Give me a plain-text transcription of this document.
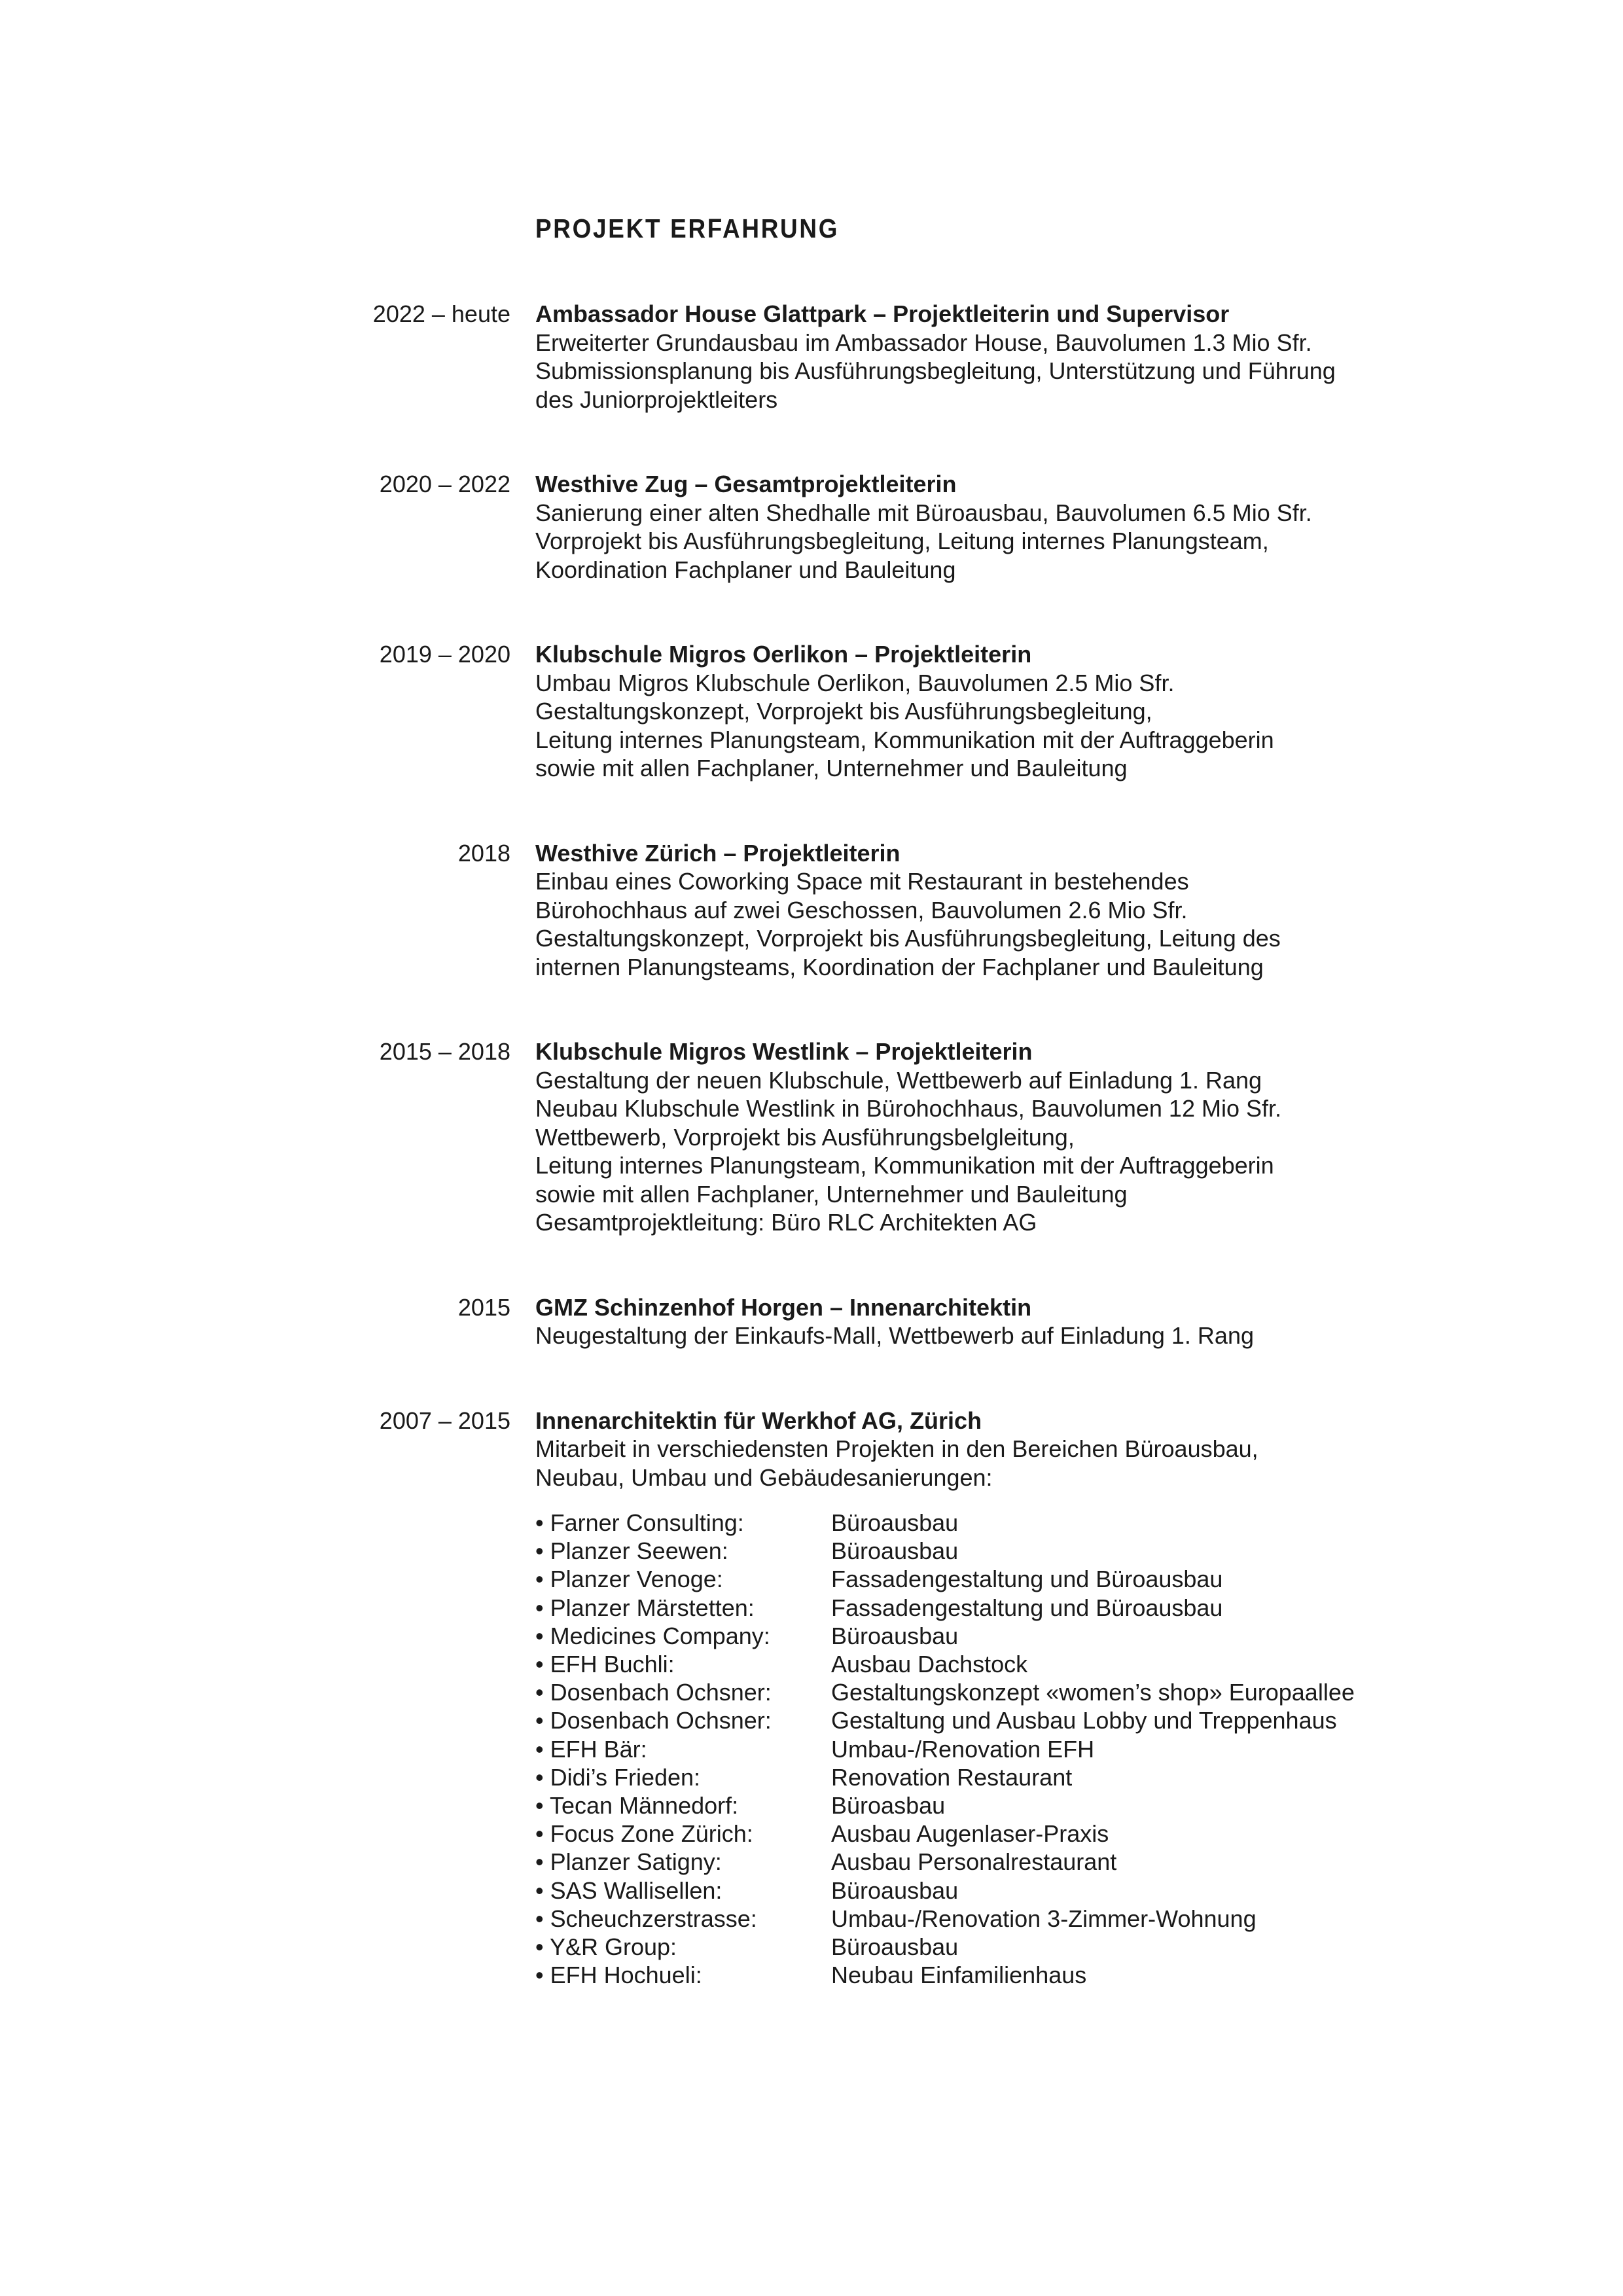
PROJEKT ERFAHRUNG
2022 – heute Ambassador House Glattpark – Projektleiterin und Supervisor

Erweiterter Grundausbau im Ambassador House, Bauvolumen 1.3 Mio Sfr.

Submissionsplanung bis Ausführungsbegleitung, Unterstützung und Führung

des Juniorprojektleiters

2020 – 2022 Westhive Zug – Gesamtprojektleiterin

Sanierung einer alten Shedhalle mit Büroausbau, Bauvolumen 6.5 Mio Sfr.

Vorprojekt bis Ausführungsbegleitung, Leitung internes Planungsteam,

Koordination Fachplaner und Bauleitung

2019 – 2020 Klubschule Migros Oerlikon – Projektleiterin

Umbau Migros Klubschule Oerlikon, Bauvolumen 2.5 Mio Sfr.

Gestaltungskonzept, Vorprojekt bis Ausführungsbegleitung,

Leitung internes Planungsteam, Kommunikation mit der Auftraggeberin

sowie mit allen Fachplaner, Unternehmer und Bauleitung

2018 Westhive Zürich – Projektleiterin

Einbau eines Coworking Space mit Restaurant in bestehendes

Bürohochhaus auf zwei Geschossen, Bauvolumen 2.6 Mio Sfr.

Gestaltungskonzept, Vorprojekt bis Ausführungsbegleitung, Leitung des

internen Planungsteams, Koordination der Fachplaner und Bauleitung

2015 – 2018 Klubschule Migros Westlink – Projektleiterin

Gestaltung der neuen Klubschule, Wettbewerb auf Einladung 1. Rang

Neubau Klubschule Westlink in Bürohochhaus, Bauvolumen 12 Mio Sfr.

Wettbewerb, Vorprojekt bis Ausführungsbelgleitung,

Leitung internes Planungsteam, Kommunikation mit der Auftraggeberin

sowie mit allen Fachplaner, Unternehmer und Bauleitung

Gesamtprojektleitung: Büro RLC Architekten AG

2015 GMZ Schinzenhof Horgen – Innenarchitektin

Neugestaltung der Einkaufs-Mall, Wettbewerb auf Einladung 1. Rang

2007 – 2015 Innenarchitektin für Werkhof AG, Zürich

Mitarbeit in verschiedensten Projekten in den Bereichen Büroausbau,

Neubau, Umbau und Gebäudesanierungen:

• Farner Consulting:	Büroausbau
• Planzer Seewen:	Büroausbau
• Planzer Venoge:	Fassadengestaltung und Büroausbau
• Planzer Märstetten:	Fassadengestaltung und Büroausbau
• Medicines Company:	Büroausbau
• EFH Buchli:	Ausbau Dachstock
• Dosenbach Ochsner:	Gestaltungskonzept «women’s shop» Europaallee
• Dosenbach Ochsner:	Gestaltung und Ausbau Lobby und Treppenhaus
• EFH Bär:	Umbau-/Renovation EFH
• Didi’s Frieden:	Renovation Restaurant
• Tecan Männedorf:	Büroasbau
• Focus Zone Zürich:	Ausbau Augenlaser-Praxis
• Planzer Satigny:	Ausbau Personalrestaurant
• SAS Wallisellen:	Büroausbau
• Scheuchzerstrasse:	Umbau-/Renovation 3-Zimmer-Wohnung
• Y&R Group:	Büroausbau
• EFH Hochueli:	Neubau Einfamilienhaus
